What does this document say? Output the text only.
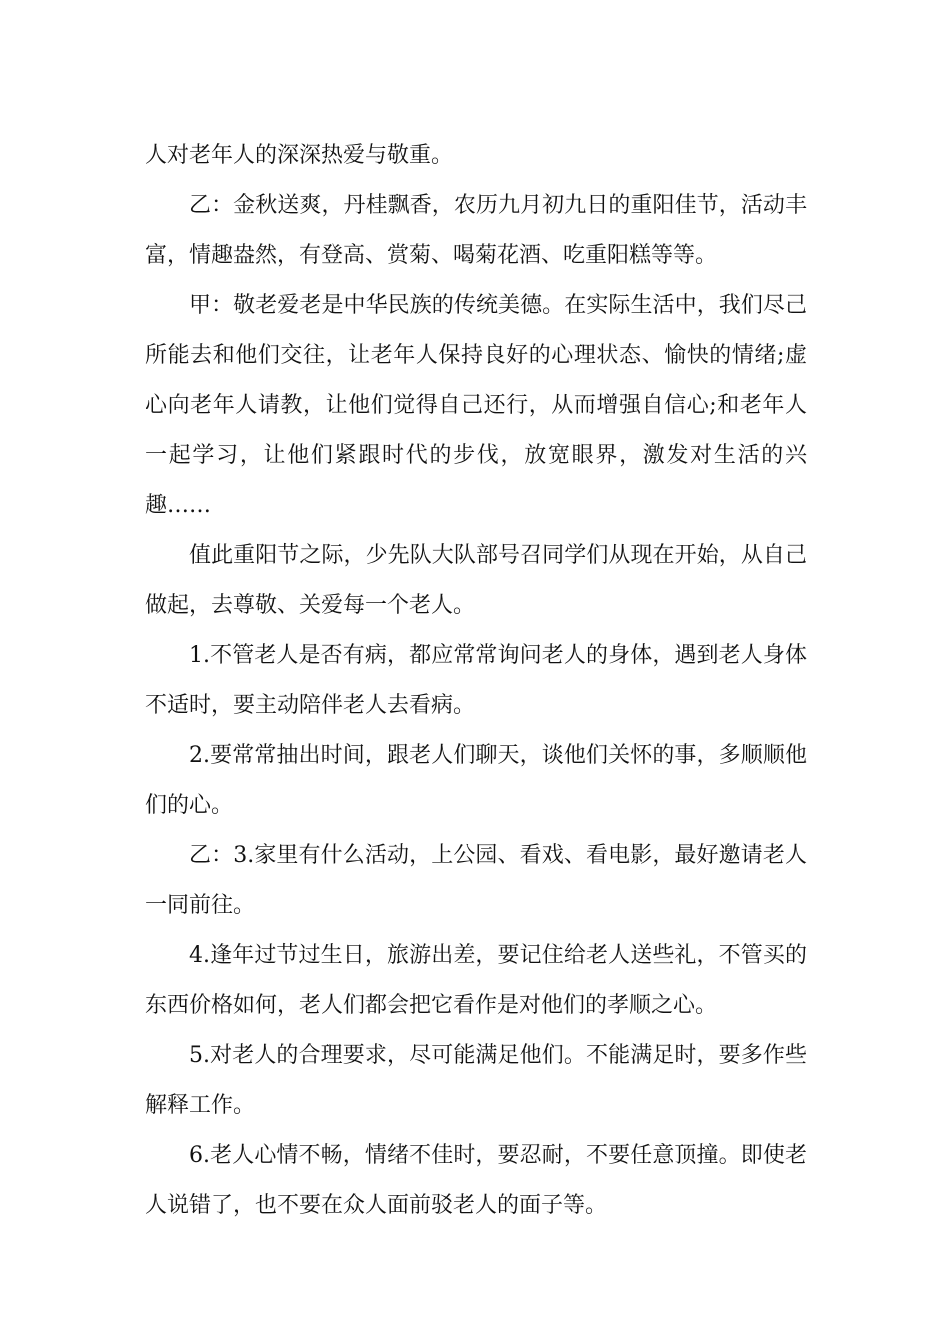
人对老年人的深深热爱与敬重。

乙：金秋送爽，丹桂飘香，农历九月初九日的重阳佳节，活动丰富，情趣盎然，有登高、赏菊、喝菊花酒、吃重阳糕等等。

甲：敬老爱老是中华民族的传统美德。在实际生活中，我们尽己所能去和他们交往，让老年人保持良好的心理状态、愉快的情绪;虚心向老年人请教，让他们觉得自己还行，从而增强自信心;和老年人一起学习，让他们紧跟时代的步伐，放宽眼界，激发对生活的兴趣……

值此重阳节之际，少先队大队部号召同学们从现在开始，从自己做起，去尊敬、关爱每一个老人。

1.不管老人是否有病，都应常常询问老人的身体，遇到老人身体不适时，要主动陪伴老人去看病。

2.要常常抽出时间，跟老人们聊天，谈他们关怀的事，多顺顺他们的心。

乙：3.家里有什么活动，上公园、看戏、看电影，最好邀请老人一同前往。

4.逢年过节过生日，旅游出差，要记住给老人送些礼，不管买的东西价格如何，老人们都会把它看作是对他们的孝顺之心。

5.对老人的合理要求，尽可能满足他们。不能满足时，要多作些解释工作。

6.老人心情不畅，情绪不佳时，要忍耐，不要任意顶撞。即使老人说错了，也不要在众人面前驳老人的面子等。
